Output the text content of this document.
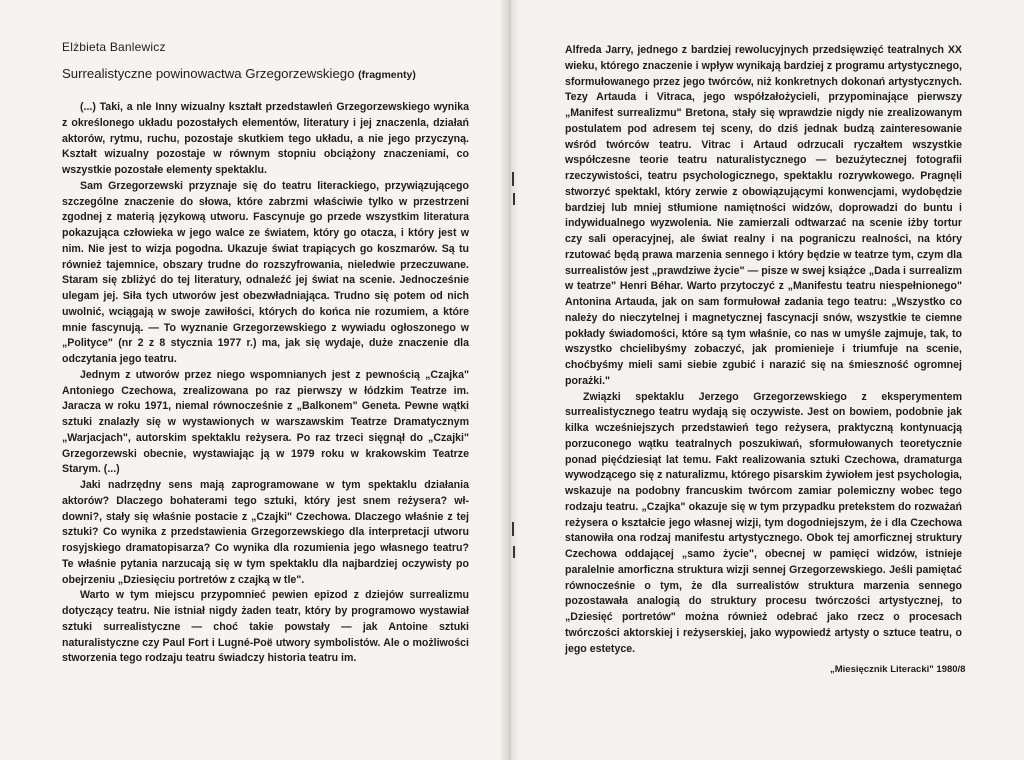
Elżbieta Banlewicz
Surrealistyczne powinowactwa Grzegorzewskiego (fragmenty)

(...) Taki, a nle Inny wizualny kształt przedstawleń Grzegorzewskiego wynika z określonego układu pozostałych elementów, literatury i jej znaczenla, działań aktorów, rytmu, ruchu, pozostaje skutkiem tego układu, a nie jego przyczyną. Kształt wizualny pozostaje w równym stopniu obciążony znaczeniami, co wszystkie pozostałe elementy spektaklu.

Sam Grzegorzewski przyznaje się do teatru literackiego, przywiązującego szczególne znaczenie do słowa, które zabrzmi właściwie tylko w przestrzeni zgodnej z materią językową utworu. Fascynuje go przede wszystkim literatura pokazująca człowieka w jego walce ze światem, który go otacza, i który jest w nim. Nie jest to wizja pogodna. Ukazuje świat trapiących go koszmarów. Są tu również tajemnice, obszary trudne do rozszyfrowania, nieledwie przeczuwane. Staram się zbliżyć do tej literatury, odnaleźć jej świat na scenie. Jednocześnie ulegam jej. Siła tych utworów jest obezwładniająca. Trudno się potem od nich uwolnić, wciągają w swoje zawiłości, których do końca nie rozumiem, a które mnie fascynują. — To wyznanie Grzegorzewskiego z wywiadu ogłoszonego w „Polityce" (nr 2 z 8 stycznia 1977 r.) ma, jak się wydaje, duże znaczenie dla odczytania jego teatru.

Jednym z utworów przez niego wspomnianych jest z pewnością „Czajka" Antoniego Czechowa, zrealizowana po raz pierwszy w łódzkim Teatrze im. Jaracza w roku 1971, niemal równocześnie z „Balkonem" Geneta. Pewne wątki sztuki znalazły się w wystawionych w warszawskim Teatrze Dramatycznym „Warjacjach", autorskim spektaklu reżysera. Po raz trzeci sięgnął do „Czajki" Grzegorzewski obecnie, wystawiając ją w 1979 roku w krakowskim Teatrze Starym. (...)

Jaki nadrzędny sens mają zaprogramowane w tym spektaklu działania aktorów? Dlaczego bohaterami tego sztuki, który jest snem reżysera? wł- downi?, stały się właśnie postacie z „Czajki" Czechowa. Dlaczego właśnie z tej sztuki? Co wynika z przedstawienia Grzegorzewskiego dla interpretacji utworu rosyjskiego dramatopisarza? Co wynika dla rozumienia jego własnego teatru? Te właśnie pytania narzucają się w tym spektaklu dla najbardziej oczywisty po obejrzeniu „Dziesięciu portretów z czajką w tle".

Warto w tym miejscu przypomnieć pewien epizod z dziejów surrealizmu dotyczący teatru. Nie istniał nigdy żaden teatr, który by programowo wystawiał sztuki surrealistyczne — choć takie powstały — jak Antoine sztuki naturalistyczne czy Paul Fort i Lugné-Poë utwory symbolistów. Ale o możliwości stworzenia tego rodzaju teatru świadczy historia teatru im.

Alfreda Jarry, jednego z bardziej rewolucyjnych przedsięwzięć teatralnych XX wieku, którego znaczenie i wpływ wynikają bardziej z programu artystycznego, sformułowanego przez jego twórców, niż konkretnych dokonań artystycznych. Tezy Artauda i Vitraca, jego współzałożycieli, przypominające pierwszy „Manifest surrealizmu" Bretona, stały się wprawdzie nigdy nie zrealizowanym postulatem pod adresem tej sceny, do dziś jednak budzą zainteresowanie wśród twórców teatru. Vitrac i Artaud odrzucali ryczałtem wszystkie współczesne teorie teatru naturalistycznego — bezużytecznej fotografii rzeczywistości, teatru psychologicznego, spektaklu rozrywkowego. Pragnęli stworzyć spektakl, który zerwie z obowiązującymi konwencjami, wydobędzie bardziej lub mniej stłumione namiętności widzów, doprowadzi do buntu i indywidualnego wyzwolenia. Nie zamierzali odtwarzać na scenie iżby tortur czy sali operacyjnej, ale świat realny i na pograniczu realności, na który rzutować będą prawa marzenia sennego i który będzie w teatrze tym, czym dla surrealistów jest „prawdziwe życie" — pisze w swej książce „Dada i surrealizm w teatrze" Henri Béhar. Warto przytoczyć z „Manifestu teatru niespełnionego" Antonina Artauda, jak on sam formułował zadania tego teatru: „Wszystko co należy do nieczytelnej i magnetycznej fascynacji snów, wszystkie te ciemne pokłady świadomości, które są tym właśnie, co nas w umyśle zajmuje, tak, to wszystko chcielibyśmy zobaczyć, jak promienieje i triumfuje na scenie, choćbyśmy mieli sami siebie zgubić i narazić się na śmieszność ogromnej porażki."

Związki spektaklu Jerzego Grzegorzewskiego z eksperymentem surrealistycznego teatru wydają się oczywiste. Jest on bowiem, podobnie jak kilka wcześniejszych przedstawień tego reżysera, praktyczną kontynuacją porzuconego wątku teatralnych poszukiwań, sformułowanych teoretycznie ponad pięćdziesiąt lat temu. Fakt realizowania sztuki Czechowa, dramaturga wywodzącego się z naturalizmu, którego pisarskim żywiołem jest psychologia, wskazuje na podobny francuskim twórcom zamiar polemiczny wobec tego rodzaju teatru. „Czajka" okazuje się w tym przypadku pretekstem do rozważań reżysera o kształcie jego własnej wizji, tym dogodniejszym, że i dla Czechowa stanowiła ona rodzaj manifestu artystycznego. Obok tej amorficznej struktury Czechowa oddającej „samo życie", obecnej w pamięci widzów, istnieje paralelnie amorficzna struktura wizji sennej Grzegorzewskiego. Jeśli pamiętać równocześnie o tym, że dla surrealistów struktura marzenia sennego pozostawała analogią do struktury procesu twórczości artystycznej, to „Dziesięć portretów" można również odebrać jako rzecz o procesach twórczości aktorskiej i reżyserskiej, jako wypowiedź artysty o sztuce teatru, o jego estetyce.

„Miesięcznik Literacki" 1980/8
